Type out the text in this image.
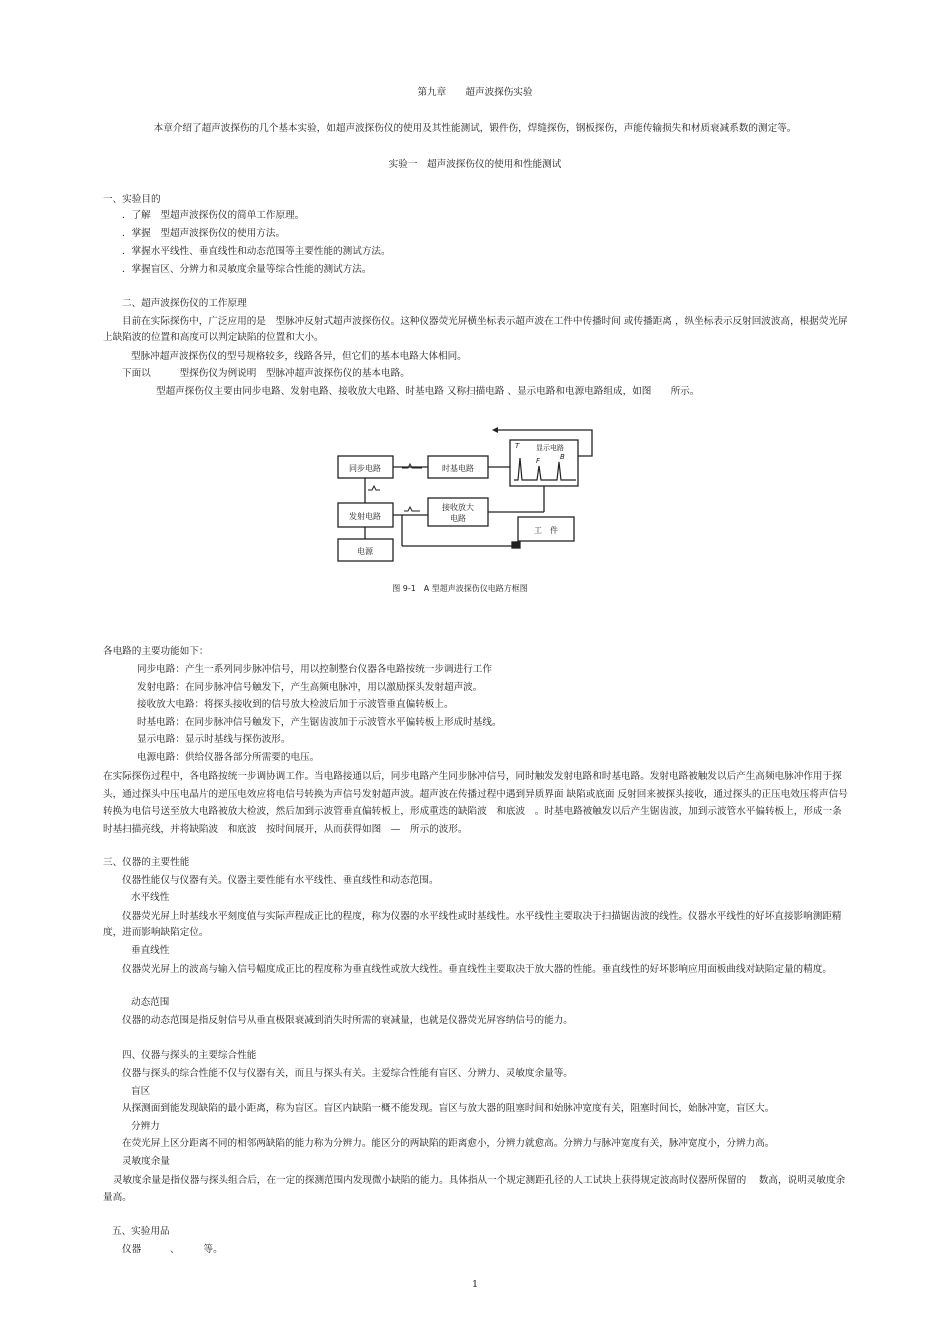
第九章　　超声波探伤实验
本章介绍了超声波探伤的几个基本实验，如超声波探伤仪的使用及其性能测试，锻件伤，焊缝探伤，钢板探伤，声能传输损失和材质衰减系数的测定等。
实验一　超声波探伤仪的使用和性能测试
一、实验目的
．了解　型超声波探伤仪的简单工作原理。
．掌握　型超声波探伤仪的使用方法。
．掌握水平线性、垂直线性和动态范围等主要性能的测试方法。
．掌握盲区、分辨力和灵敏度余量等综合性能的测试方法。
二、超声波探伤仪的工作原理
目前在实际探伤中，广泛应用的是　型脉冲反射式超声波探伤仪。这种仪器荧光屏横坐标表示超声波在工件中传播时间 或传播距离 ，纵坐标表示反射回波波高，根据荧光屏上缺陷波的位置和高度可以判定缺陷的位置和大小。
型脉冲超声波探伤仪的型号规格较多，线路各异，但它们的基本电路大体相同。
下面以　　　型探伤仪为例说明　型脉冲超声波探伤仪的基本电路。
型超声探伤仪主要由同步电路、发射电路、接收放大电路、时基电路 又称扫描电路 、显示电路和电源电路组成，如图　　所示。
同步电路	时基电路
显示电路
发射电路
接收放大
电路
电源
工　件
T
F	B
图 9-1　A 型超声波探伤仪电路方框图
各电路的主要功能如下：
同步电路：产生一系列同步脉冲信号，用以控制整台仪器各电路按统一步调进行工作
发射电路：在同步脉冲信号触发下，产生高频电脉冲，用以激励探头发射超声波。
接收放大电路：将探头接收到的信号放大检波后加于示波管垂直偏转板上。
时基电路：在同步脉冲信号触发下，产生锯齿波加于示波管水平偏转板上形成时基线。
显示电路：显示时基线与探伤波形。
电源电路：供给仪器各部分所需要的电压。
在实际探伤过程中，各电路按统一步调协调工作。当电路接通以后，同步电路产生同步脉冲信号，同时触发发射电路和时基电路。发射电路被触发以后产生高频电脉冲作用于探头，通过探头中压电晶片的逆压电效应将电信号转换为声信号发射超声波。超声波在传播过程中遇到异质界面 缺陷或底面 反射回来被探头接收，通过探头的正压电效压将声信号转换为电信号送至放大电路被放大检波，然后加到示波管垂直偏转板上，形成重迭的缺陷波　和底波　。时基电路被触发以后产生锯齿波，加到示波管水平偏转板上，形成一条时基扫描亮线，并将缺陷波　和底波　按时间展开，从而获得如图　—　所示的波形。
三、仪器的主要性能
仪器性能仅与仪器有关。仪器主要性能有水平线性、垂直线性和动态范围。
水平线性
仪器荧光屏上时基线水平刻度值与实际声程成正比的程度，称为仪器的水平线性或时基线性。水平线性主要取决于扫描锯齿波的线性。仪器水平线性的好坏直接影响测距精度，进而影响缺陷定位。
垂直线性
仪器荧光屏上的波高与输入信号幅度成正比的程度称为垂直线性或放大线性。垂直线性主要取决于放大器的性能。垂直线性的好坏影响应用面板曲线对缺陷定量的精度。
动态范围
仪器的动态范围是指反射信号从垂直极限衰减到消失时所需的衰减量，也就是仪器荧光屏容纳信号的能力。
四、仪器与探头的主要综合性能
仪器与探头的综合性能不仅与仪器有关，而且与探头有关。主爱综合性能有盲区、分辨力、灵敏度余量等。
盲区
从探测面到能发现缺陷的最小距离，称为盲区。盲区内缺陷一概不能发现。盲区与放大器的阻塞时间和始脉冲宽度有关，阻塞时间长，始脉冲宽，盲区大。
分辨力
在荧光屏上区分距离不同的相邻两缺陷的能力称为分辨力。能区分的两缺陷的距离愈小，分辨力就愈高。分辨力与脉冲宽度有关，脉冲宽度小，分辨力高。
灵敏度余量
灵敏度余量是指仪器与探头组合后，在一定的探测范围内发现微小缺陷的能力。具体指从一个规定测距孔径的人工试块上获得规定波高时仪器所保留的　 数高，说明灵敏度余量高。
五、实验用品
仪器　　　、　　　等。
1
